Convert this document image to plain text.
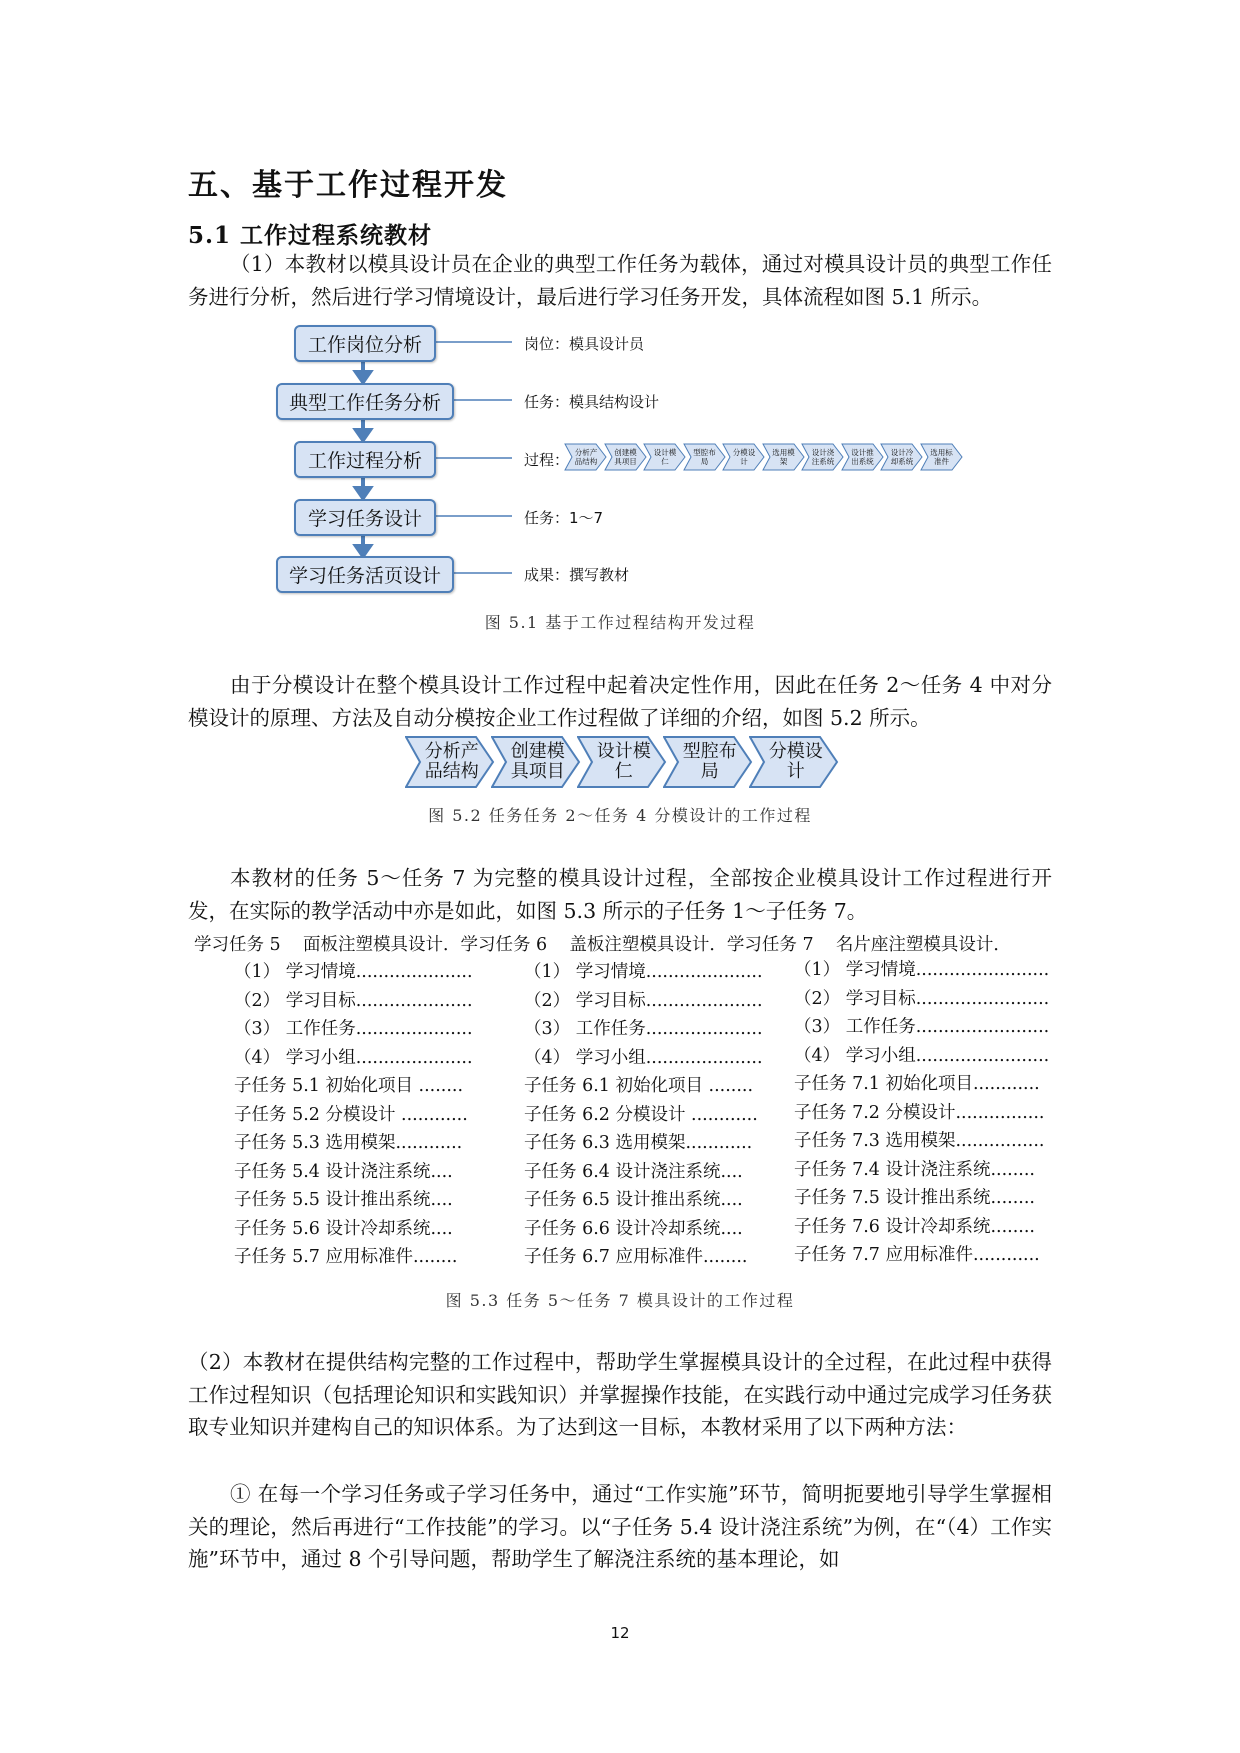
五、基于工作过程开发
5.1 工作过程系统教材
（1）本教材以模具设计员在企业的典型工作任务为载体，通过对模具设计员的典型工作任务进行分析，然后进行学习情境设计，最后进行学习任务开发，具体流程如图 5.1 所示。
工作岗位分析
典型工作任务分析
工作过程分析
学习任务设计
学习任务活页设计
岗位：模具设计员
任务：模具结构设计
过程：
任务：1～7
成果：撰写教材
分析产
品结构
创建模
具项目
设计模
仁
型腔布
局
分模设
计
选用模
架
设计浇
注系统
设计推
出系统
设计冷
却系统
选用标
准件
图 5.1 基于工作过程结构开发过程
由于分模设计在整个模具设计工作过程中起着决定性作用，因此在任务 2～任务 4 中对分模设计的原理、方法及自动分模按企业工作过程做了详细的介绍，如图 5.2 所示。
分析产
品结构
创建模
具项目
设计模
仁
型腔布
局
分模设
计
图 5.2 任务任务 2～任务 4 分模设计的工作过程
本教材的任务 5～任务 7 为完整的模具设计过程，全部按企业模具设计工作过程进行开发，在实际的教学活动中亦是如此，如图 5.3 所示的子任务 1～子任务 7。
学习任务 5    面板注塑模具设计．学习任务 6    盖板注塑模具设计．学习任务 7    名片座注塑模具设计．
（1） 学习情境.....................
（2） 学习目标.....................
（3） 工作任务.....................
（4） 学习小组.....................
子任务 5.1 初始化项目 ........
子任务 5.2 分模设计 ............
子任务 5.3 选用模架............
子任务 5.4 设计浇注系统....
子任务 5.5 设计推出系统....
子任务 5.6 设计冷却系统....
子任务 5.7 应用标准件........
（1） 学习情境.....................
（2） 学习目标.....................
（3） 工作任务.....................
（4） 学习小组.....................
子任务 6.1 初始化项目 ........
子任务 6.2 分模设计 ............
子任务 6.3 选用模架............
子任务 6.4 设计浇注系统....
子任务 6.5 设计推出系统....
子任务 6.6 设计冷却系统....
子任务 6.7 应用标准件........
（1） 学习情境........................
（2） 学习目标........................
（3） 工作任务........................
（4） 学习小组........................
子任务 7.1 初始化项目............
子任务 7.2 分模设计................
子任务 7.3 选用模架................
子任务 7.4 设计浇注系统........
子任务 7.5 设计推出系统........
子任务 7.6 设计冷却系统........
子任务 7.7 应用标准件............
图 5.3 任务 5～任务 7 模具设计的工作过程
（2）本教材在提供结构完整的工作过程中，帮助学生掌握模具设计的全过程，在此过程中获得工作过程知识（包括理论知识和实践知识）并掌握操作技能，在实践行动中通过完成学习任务获取专业知识并建构自己的知识体系。为了达到这一目标，本教材采用了以下两种方法：
① 在每一个学习任务或子学习任务中，通过“工作实施”环节，简明扼要地引导学生掌握相关的理论，然后再进行“工作技能”的学习。以“子任务 5.4 设计浇注系统”为例，在“（4）工作实施”环节中，通过 8 个引导问题，帮助学生了解浇注系统的基本理论，如
12
